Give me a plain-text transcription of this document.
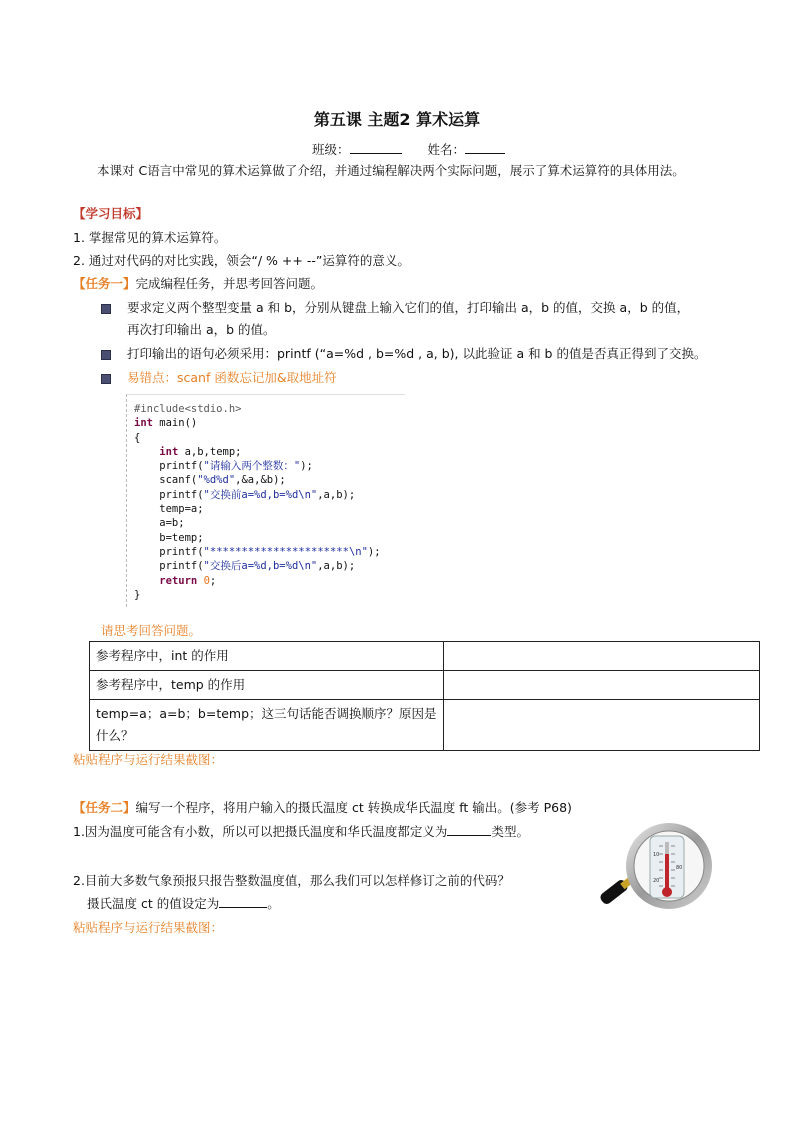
第五课 主题2 算术运算
班级：	姓名：
本课对 C语言中常见的算术运算做了介绍，并通过编程解决两个实际问题，展示了算术运算符的具体用法。
【学习目标】
1. 掌握常见的算术运算符。
2. 通过对代码的对比实践，领会“/ % ++ --”运算符的意义。
【任务一】完成编程任务，并思考回答问题。
要求定义两个整型变量 a 和 b，分别从键盘上输入它们的值，打印输出 a，b 的值，交换 a，b 的值，
再次打印输出 a，b 的值。
打印输出的语句必须采用：printf (“a=%d , b=%d , a, b), 以此验证 a 和 b 的值是否真正得到了交换。
易错点：scanf 函数忘记加&取地址符
#include<stdio.h>
int main()
{
int a,b,temp;
printf("请输入两个整数：");
scanf("%d%d",&a,&b);
printf("交换前a=%d,b=%d\n",a,b);
temp=a;
a=b;
b=temp;
printf("**********************\n");
printf("交换后a=%d,b=%d\n",a,b);
return 0;
}
请思考回答问题。
参考程序中，int 的作用	
参考程序中，temp 的作用	
temp=a；a=b；b=temp；这三句话能否调换顺序？原因是什么？	
粘贴程序与运行结果截图：
【任务二】编写一个程序，将用户输入的摄氏温度 ct 转换成华氏温度 ft 输出。(参考 P68)
1.因为温度可能含有小数，所以可以把摄氏温度和华氏温度都定义为	类型。
2.目前大多数气象预报只报告整数温度值，那么我们可以怎样修订之前的代码？
摄氏温度 ct 的值设定为	。
粘贴程序与运行结果截图：
10
20
80
